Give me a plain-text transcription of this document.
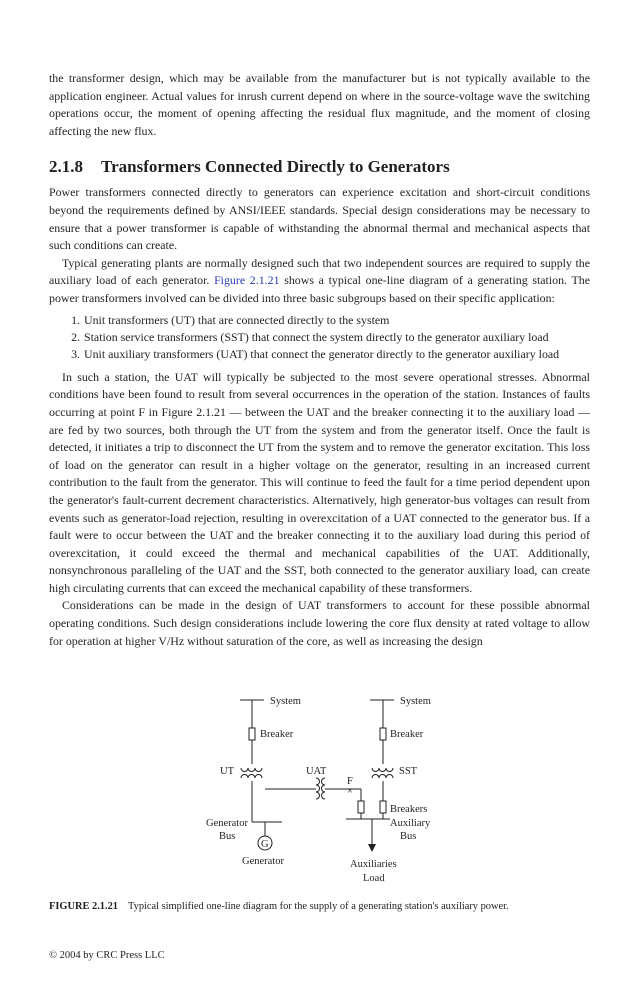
the transformer design, which may be available from the manufacturer but is not typically available to the application engineer. Actual values for inrush current depend on where in the source-voltage wave the switching operations occur, the moment of opening affecting the residual flux magnitude, and the moment of closing affecting the new flux.

2.1.8 Transformers Connected Directly to Generators

Power transformers connected directly to generators can experience excitation and short-circuit conditions beyond the requirements defined by ANSI/IEEE standards. Special design considerations may be necessary to ensure that a power transformer is capable of withstanding the abnormal thermal and mechanical aspects that such conditions can create.

Typical generating plants are normally designed such that two independent sources are required to supply the auxiliary load of each generator. Figure 2.1.21 shows a typical one-line diagram of a generating station. The power transformers involved can be divided into three basic subgroups based on their specific application:

1. Unit transformers (UT) that are connected directly to the system
2. Station service transformers (SST) that connect the system directly to the generator auxiliary load
3. Unit auxiliary transformers (UAT) that connect the generator directly to the generator auxiliary load

In such a station, the UAT will typically be subjected to the most severe operational stresses. Abnormal conditions have been found to result from several occurrences in the operation of the station. Instances of faults occurring at point F in Figure 2.1.21 — between the UAT and the breaker connecting it to the auxiliary load — are fed by two sources, both through the UT from the system and from the generator itself. Once the fault is detected, it initiates a trip to disconnect the UT from the system and to remove the generator excitation. This loss of load on the generator can result in a higher voltage on the generator, resulting in an increased current contribution to the fault from the generator. This will continue to feed the fault for a time period dependent upon the generator's fault-current decrement characteristics. Alternatively, high generator-bus voltages can result from events such as generator-load rejection, resulting in overexcitation of a UAT connected to the generator bus. If a fault were to occur between the UAT and the breaker connecting it to the auxiliary load during this period of overexcitation, it could exceed the thermal and mechanical capabilities of the UAT. Additionally, nonsynchronous paralleling of the UAT and the SST, both connected to the generator auxiliary load, can create high circulating currents that can exceed the mechanical capability of these transformers.

Considerations can be made in the design of UAT transformers to account for these possible abnormal operating conditions. Such design considerations include lowering the core flux density at rated voltage to allow for operation at higher V/Hz without saturation of the core, as well as increasing the design

System	System
Breaker	Breaker
UT	UAT	SST
F
×
Breakers
Generator
Bus
Auxiliary
Bus
G
Generator	Auxiliaries
Load
FIGURE 2.1.21 Typical simplified one-line diagram for the supply of a generating station's auxiliary power.
© 2004 by CRC Press LLC
